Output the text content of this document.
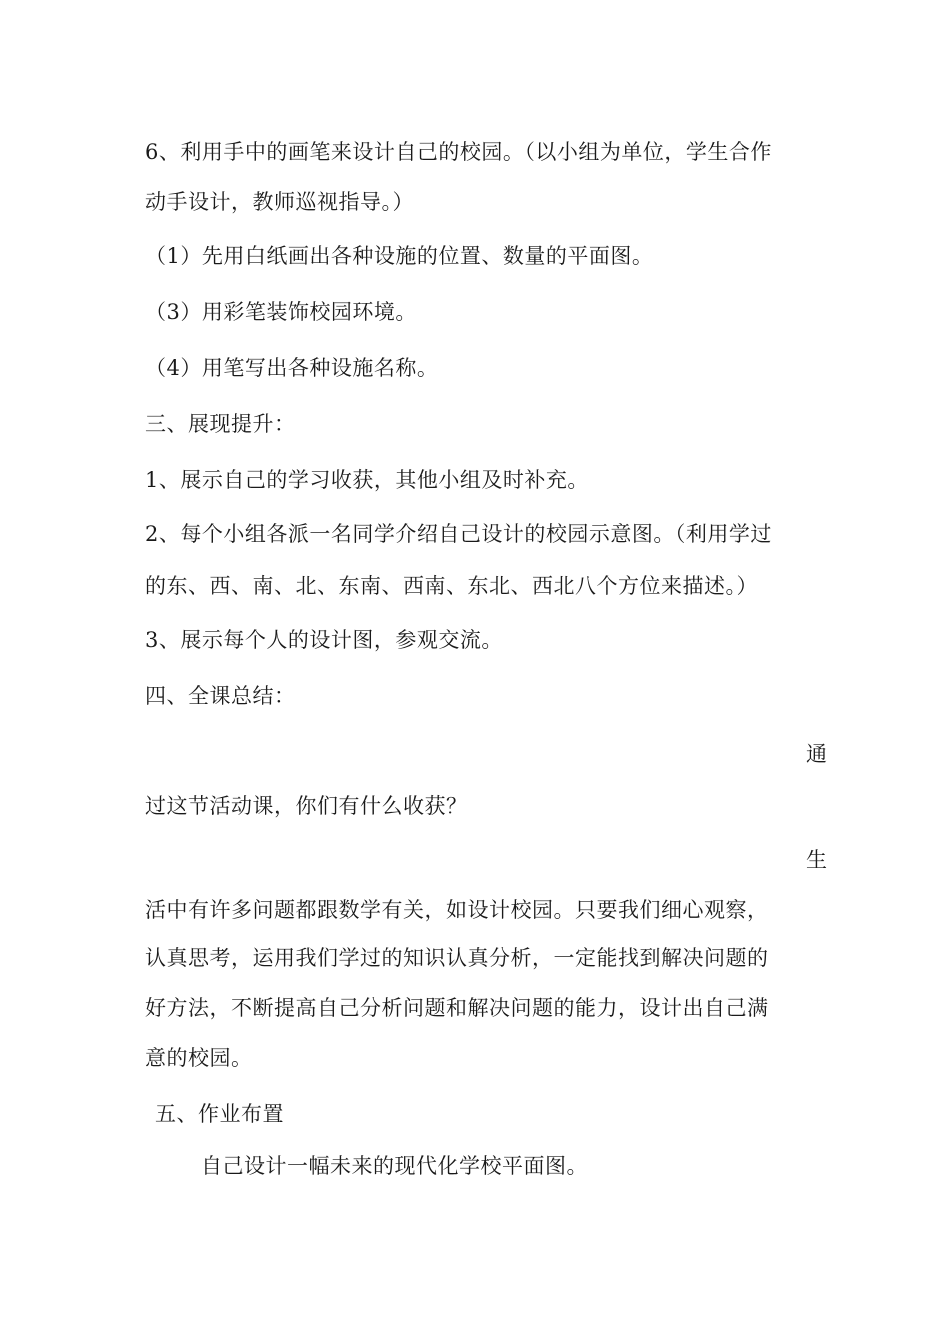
6、利用手中的画笔来设计自己的校园。（以小组为单位，学生合作
动手设计，教师巡视指导。）
（1）先用白纸画出各种设施的位置、数量的平面图。
（3）用彩笔装饰校园环境。
（4）用笔写出各种设施名称。
三、展现提升：
1、展示自己的学习收获，其他小组及时补充。
2、每个小组各派一名同学介绍自己设计的校园示意图。（利用学过
的东、西、南、北、东南、西南、东北、西北八个方位来描述。）
3、展示每个人的设计图，参观交流。
四、全课总结：
通
过这节活动课，你们有什么收获？
生
活中有许多问题都跟数学有关，如设计校园。只要我们细心观察，
认真思考，运用我们学过的知识认真分析，一定能找到解决问题的
好方法，不断提高自己分析问题和解决问题的能力，设计出自己满
意的校园。
五、作业布置
自己设计一幅未来的现代化学校平面图。
